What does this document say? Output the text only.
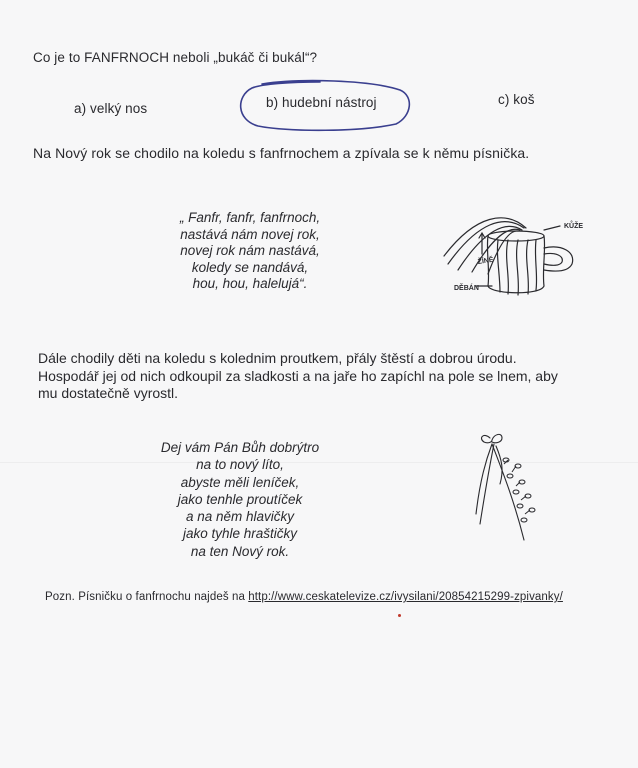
Co je to FANFRNOCH neboli „bukáč či bukál“?
a) velký nos	b) hudební nástroj	c) koš
Na Nový rok se chodilo na koledu s fanfrnochem a zpívala se k němu písnička.
„ Fanfr, fanfr, fanfrnoch,
nastává nám novej rok,
novej rok nám nastává,
koledy se nandává,
hou, hou, halelujá“.
KŮŽE
ŽÍNĚ
DĚBÁN
Dále chodily děti na koledu s kolednim proutkem, přály štěstí a dobrou úrodu.
Hospodář jej od nich odkoupil za sladkosti a na jaře ho zapíchl na pole se lnem, aby
mu dostatečně vyrostl.
Dej vám Pán Bůh dobrýtro
na to nový líto,
abyste měli leníček,
jako tenhle proutíček
a na něm hlavičky
jako tyhle hraštičky
na ten Nový rok.
Pozn. Písničku o fanfrnochu najdeš na http://www.ceskatelevize.cz/ivysilani/20854215299-zpivanky/
